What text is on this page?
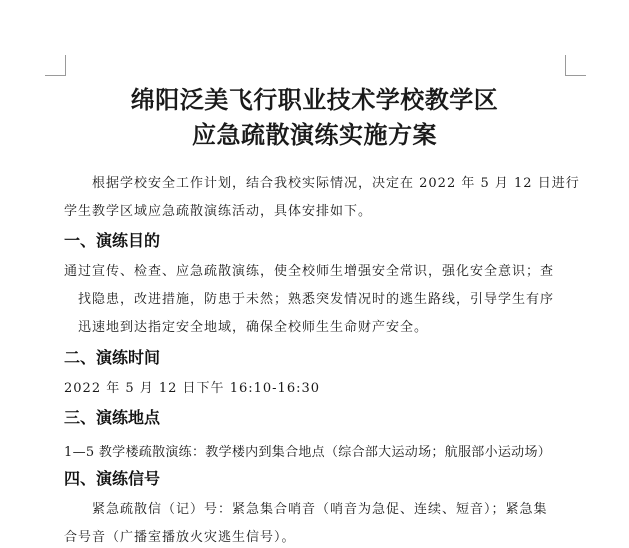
绵阳泛美飞行职业技术学校教学区
应急疏散演练实施方案
根据学校安全工作计划，结合我校实际情况，决定在 2022 年 5 月 12 日进行
学生教学区域应急疏散演练活动，具体安排如下。
一、演练目的
通过宣传、检查、应急疏散演练，使全校师生增强安全常识，强化安全意识；查
找隐患，改进措施，防患于未然；熟悉突发情况时的逃生路线，引导学生有序
迅速地到达指定安全地域，确保全校师生生命财产安全。
二、演练时间
2022 年 5 月 12 日下午 16:10-16:30
三、演练地点
1—5 教学楼疏散演练：教学楼内到集合地点（综合部大运动场；航服部小运动场）
四、演练信号
紧急疏散信（记）号：紧急集合哨音（哨音为急促、连续、短音）；紧急集
合号音（广播室播放火灾逃生信号）。
